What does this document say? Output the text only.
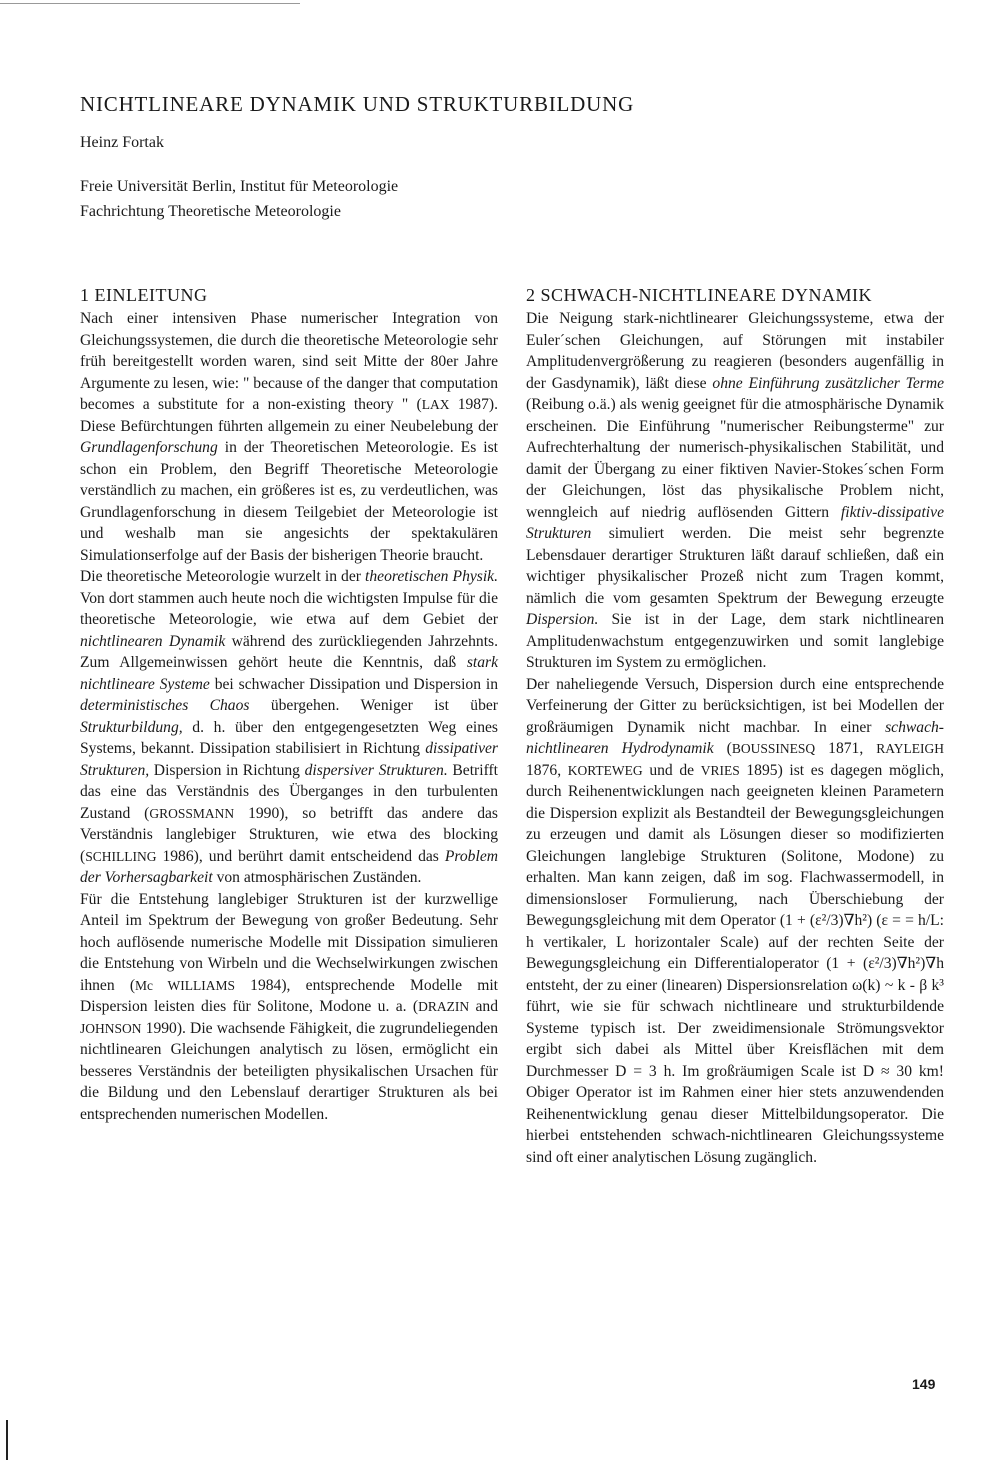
NICHTLINEARE DYNAMIK UND STRUKTURBILDUNG
Heinz Fortak
Freie Universität Berlin, Institut für Meteorologie
Fachrichtung Theoretische Meteorologie
1 EINLEITUNG

Nach einer intensiven Phase numerischer Integration von Gleichungssystemen, die durch die theoretische Meteorologie sehr früh bereitgestellt worden waren, sind seit Mitte der 80er Jahre Argumente zu lesen, wie: " because of the danger that computation becomes a substitute for a non-existing theory " (LAX 1987). Diese Befürchtungen führten allgemein zu einer Neubelebung der Grundlagenforschung in der Theoretischen Meteorologie. Es ist schon ein Problem, den Begriff Theoretische Meteorologie verständlich zu machen, ein größeres ist es, zu verdeutlichen, was Grundlagenforschung in diesem Teilgebiet der Meteorologie ist und weshalb man sie angesichts der spektakulären Simulationserfolge auf der Basis der bisherigen Theorie braucht.

Die theoretische Meteorologie wurzelt in der theoretischen Physik. Von dort stammen auch heute noch die wichtigsten Impulse für die theoretische Meteorologie, wie etwa auf dem Gebiet der nichtlinearen Dynamik während des zurückliegenden Jahrzehnts. Zum Allgemeinwissen gehört heute die Kenntnis, daß stark nichtlineare Systeme bei schwacher Dissipation und Dispersion in deterministisches Chaos übergehen. Weniger ist über Strukturbildung, d. h. über den entgegengesetzten Weg eines Systems, bekannt. Dissipation stabilisiert in Richtung dissipativer Strukturen, Dispersion in Richtung dispersiver Strukturen. Betrifft das eine das Verständnis des Überganges in den turbulenten Zustand (GROSSMANN 1990), so betrifft das andere das Verständnis langlebiger Strukturen, wie etwa des blocking (SCHILLING 1986), und berührt damit entscheidend das Problem der Vorhersagbarkeit von atmosphärischen Zuständen.

Für die Entstehung langlebiger Strukturen ist der kurzwellige Anteil im Spektrum der Bewegung von großer Bedeutung. Sehr hoch auflösende numerische Modelle mit Dissipation simulieren die Entstehung von Wirbeln und die Wechselwirkungen zwischen ihnen (Mc WILLIAMS 1984), entsprechende Modelle mit Dispersion leisten dies für Solitone, Modone u. a. (DRAZIN and JOHNSON 1990). Die wachsende Fähigkeit, die zugrundeliegenden nichtlinearen Gleichungen analytisch zu lösen, ermöglicht ein besseres Verständnis der beteiligten physikalischen Ursachen für die Bildung und den Lebenslauf derartiger Strukturen als bei entsprechenden numerischen Modellen.

2 SCHWACH-NICHTLINEARE DYNAMIK

Die Neigung stark-nichtlinearer Gleichungssysteme, etwa der Euler´schen Gleichungen, auf Störungen mit instabiler Amplitudenvergrößerung zu reagieren (besonders augenfällig in der Gasdynamik), läßt diese ohne Einführung zusätzlicher Terme (Reibung o.ä.) als wenig geeignet für die atmosphärische Dynamik erscheinen. Die Einführung "numerischer Reibungsterme" zur Aufrechterhaltung der numerisch-physikalischen Stabilität, und damit der Übergang zu einer fiktiven Navier-Stokes´schen Form der Gleichungen, löst das physikalische Problem nicht, wenngleich auf niedrig auflösenden Gittern fiktiv-dissipative Strukturen simuliert werden. Die meist sehr begrenzte Lebensdauer derartiger Strukturen läßt darauf schließen, daß ein wichtiger physikalischer Prozeß nicht zum Tragen kommt, nämlich die vom gesamten Spektrum der Bewegung erzeugte Dispersion. Sie ist in der Lage, dem stark nichtlinearen Amplitudenwachstum entgegenzuwirken und somit langlebige Strukturen im System zu ermöglichen.

Der naheliegende Versuch, Dispersion durch eine entsprechende Verfeinerung der Gitter zu berücksichtigen, ist bei Modellen der großräumigen Dynamik nicht machbar. In einer schwach-nichtlinearen Hydrodynamik (BOUSSINESQ 1871, RAYLEIGH 1876, KORTEWEG und de VRIES 1895) ist es dagegen möglich, durch Reihenentwicklungen nach geeigneten kleinen Parametern die Dispersion explizit als Bestandteil der Bewegungsgleichungen zu erzeugen und damit als Lösungen dieser so modifizierten Gleichungen langlebige Strukturen (Solitone, Modone) zu erhalten. Man kann zeigen, daß im sog. Flachwassermodell, in dimensionsloser Formulierung, nach Überschiebung der Bewegungsgleichung mit dem Operator (1 + (ε²/3)∇h²) (ε = = h/L: h vertikaler, L horizontaler Scale) auf der rechten Seite der Bewegungsgleichung ein Differentialoperator (1 + (ε²/3)∇h²)∇h entsteht, der zu einer (linearen) Dispersionsrelation ω(k) ~ k - β k³ führt, wie sie für schwach nichtlineare und strukturbildende Systeme typisch ist. Der zweidimensionale Strömungsvektor ergibt sich dabei als Mittel über Kreisflächen mit dem Durchmesser D = 3 h. Im großräumigen Scale ist D ≈ 30 km! Obiger Operator ist im Rahmen einer hier stets anzuwendenden Reihenentwicklung genau dieser Mittelbildungsoperator. Die hierbei entstehenden schwach-nichtlinearen Gleichungssysteme sind oft einer analytischen Lösung zugänglich.

149
